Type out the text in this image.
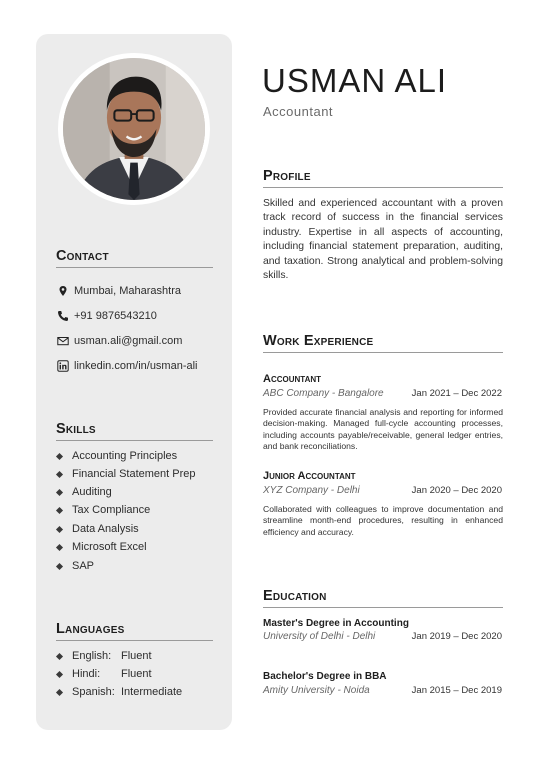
USMAN ALI
Accountant
Contact
Mumbai, Maharashtra
+91 9876543210
usman.ali@gmail.com
linkedin.com/in/usman-ali
Skills
Accounting Principles
Financial Statement Prep
Auditing
Tax Compliance
Data Analysis
Microsoft Excel
SAP
Languages
English: Fluent
Hindi:	Fluent
Spanish: Intermediate
Profile
Skilled and experienced accountant with a proven track record of success in the financial services industry. Expertise in all aspects of accounting, including financial statement preparation, auditing, and taxation. Strong analytical and problem-solving skills.
Work Experience
Accountant
ABC Company - Bangalore	Jan 2021 – Dec 2022
Provided accurate financial analysis and reporting for informed decision-making. Managed full-cycle accounting processes, including accounts payable/receivable, general ledger entries, and bank reconciliations.
Junior Accountant
XYZ Company - Delhi	Jan 2020 – Dec 2020
Collaborated with colleagues to improve documentation and streamline month-end procedures, resulting in enhanced efficiency and accuracy.
Education
Master's Degree in Accounting
University of Delhi - Delhi	Jan 2019 – Dec 2020
Bachelor's Degree in BBA
Amity University - Noida	Jan 2015 – Dec 2019
